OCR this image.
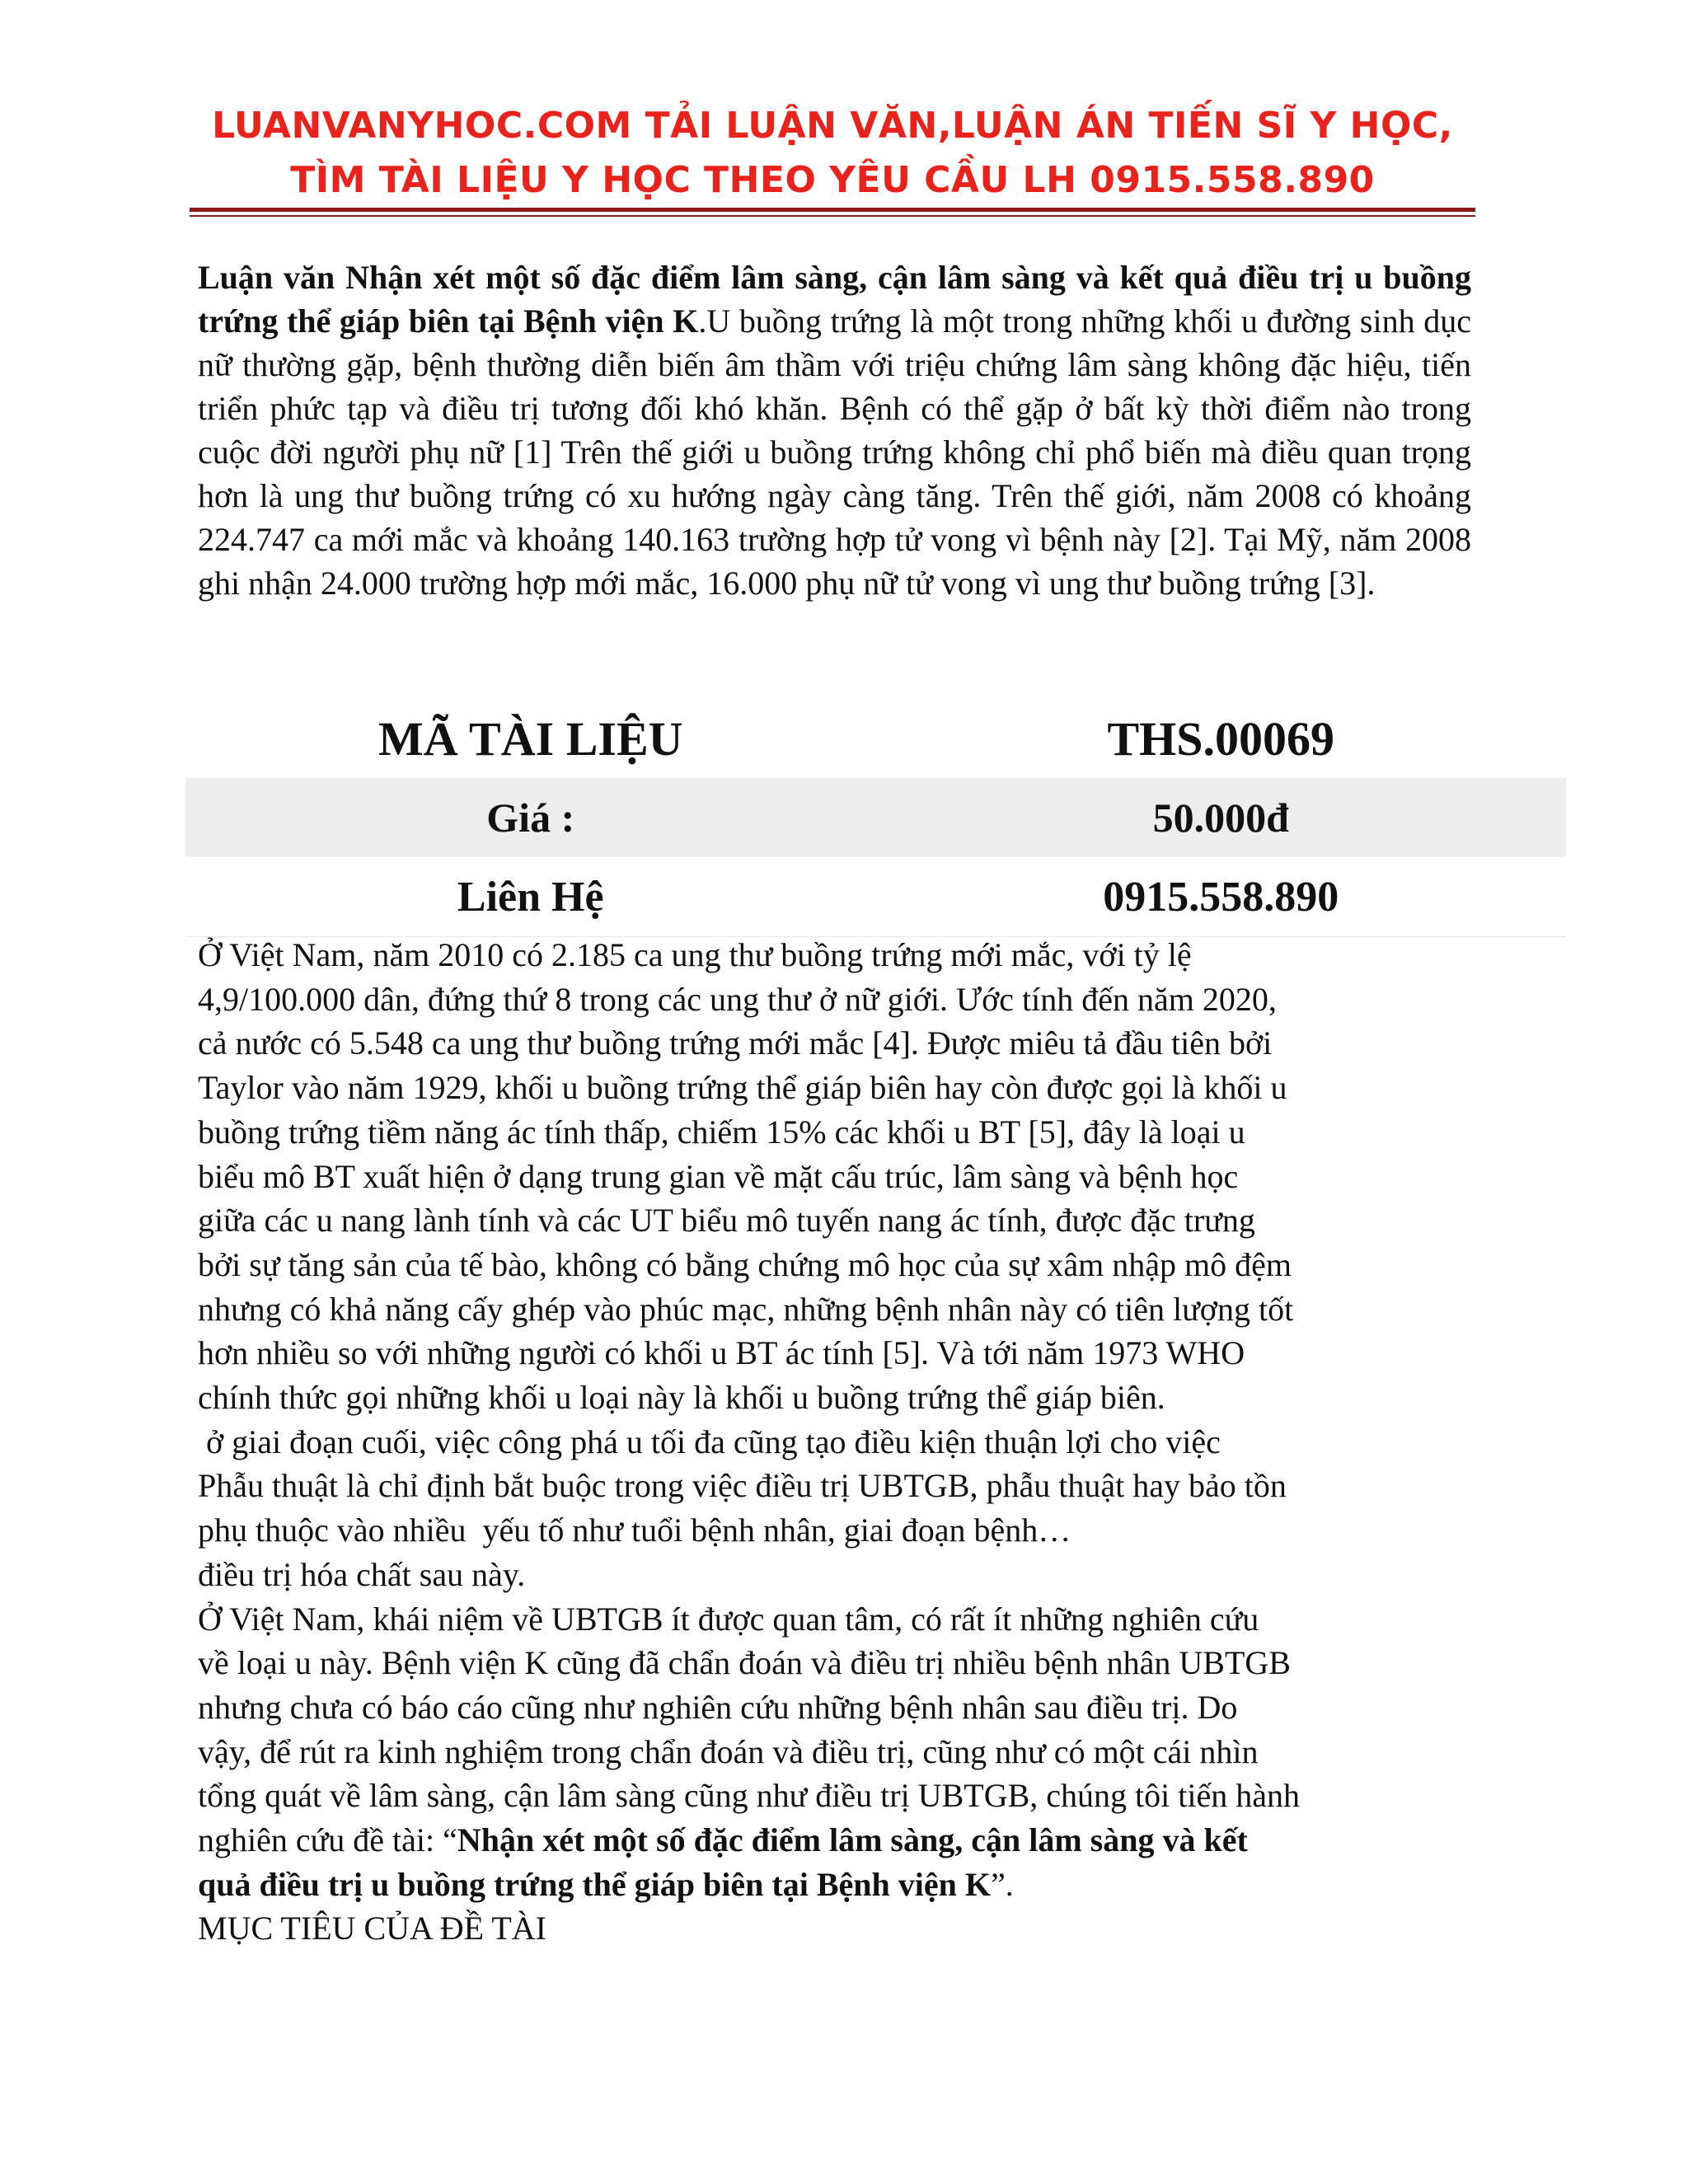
LUANVANYHOC.COM TẢI LUẬN VĂN,LUẬN ÁN TIẾN SĨ Y HỌC,
TÌM TÀI LIỆU Y HỌC THEO YÊU CẦU LH 0915.558.890
Luận văn Nhận xét một số đặc điểm lâm sàng, cận lâm sàng và kết quả điều trị u buồng trứng thể giáp biên tại Bệnh viện K.U buồng trứng là một trong những khối u đường sinh dục nữ thường gặp, bệnh thường diễn biến âm thầm với triệu chứng lâm sàng không đặc hiệu, tiến triển phức tạp và điều trị tương đối khó khăn. Bệnh có thể gặp ở bất kỳ thời điểm nào trong cuộc đời người phụ nữ [1] Trên thế giới u buồng trứng không chỉ phổ biến mà điều quan trọng hơn là ung thư buồng trứng có xu hướng ngày càng tăng. Trên thế giới, năm 2008 có khoảng 224.747 ca mới mắc và khoảng 140.163 trường hợp tử vong vì bệnh này [2]. Tại Mỹ, năm 2008 ghi nhận 24.000 trường hợp mới mắc, 16.000 phụ nữ tử vong vì ung thư buồng trứng [3].
MÃ TÀI LIỆU	THS.00069
Giá :	50.000đ
Liên Hệ	0915.558.890
Ở Việt Nam, năm 2010 có 2.185 ca ung thư buồng trứng mới mắc, với tỷ lệ
4,9/100.000 dân, đứng thứ 8 trong các ung thư ở nữ giới. Ước tính đến năm 2020,
cả nước có 5.548 ca ung thư buồng trứng mới mắc [4]. Được miêu tả đầu tiên bởi
Taylor vào năm 1929, khối u buồng trứng thể giáp biên hay còn được gọi là khối u
buồng trứng tiềm năng ác tính thấp, chiếm 15% các khối u BT [5], đây là loại u
biểu mô BT xuất hiện ở dạng trung gian về mặt cấu trúc, lâm sàng và bệnh học
giữa các u nang lành tính và các UT biểu mô tuyến nang ác tính, được đặc trưng
bởi sự tăng sản của tế bào, không có bằng chứng mô học của sự xâm nhập mô đệm
nhưng có khả năng cấy ghép vào phúc mạc, những bệnh nhân này có tiên lượng tốt
hơn nhiều so với những người có khối u BT ác tính [5]. Và tới năm 1973 WHO
chính thức gọi những khối u loại này là khối u buồng trứng thể giáp biên.
ở giai đoạn cuối, việc công phá u tối đa cũng tạo điều kiện thuận lợi cho việc
Phẫu thuật là chỉ định bắt buộc trong việc điều trị UBTGB, phẫu thuật hay bảo tồn
phụ thuộc vào nhiều  yếu tố như tuổi bệnh nhân, giai đoạn bệnh…
điều trị hóa chất sau này.
Ở Việt Nam, khái niệm về UBTGB ít được quan tâm, có rất ít những nghiên cứu
về loại u này. Bệnh viện K cũng đã chẩn đoán và điều trị nhiều bệnh nhân UBTGB
nhưng chưa có báo cáo cũng như nghiên cứu những bệnh nhân sau điều trị. Do
vậy, để rút ra kinh nghiệm trong chẩn đoán và điều trị, cũng như có một cái nhìn
tổng quát về lâm sàng, cận lâm sàng cũng như điều trị UBTGB, chúng tôi tiến hành
nghiên cứu đề tài: “Nhận xét một số đặc điểm lâm sàng, cận lâm sàng và kết
quả điều trị u buồng trứng thể giáp biên tại Bệnh viện K”.
MỤC TIÊU CỦA ĐỀ TÀI
